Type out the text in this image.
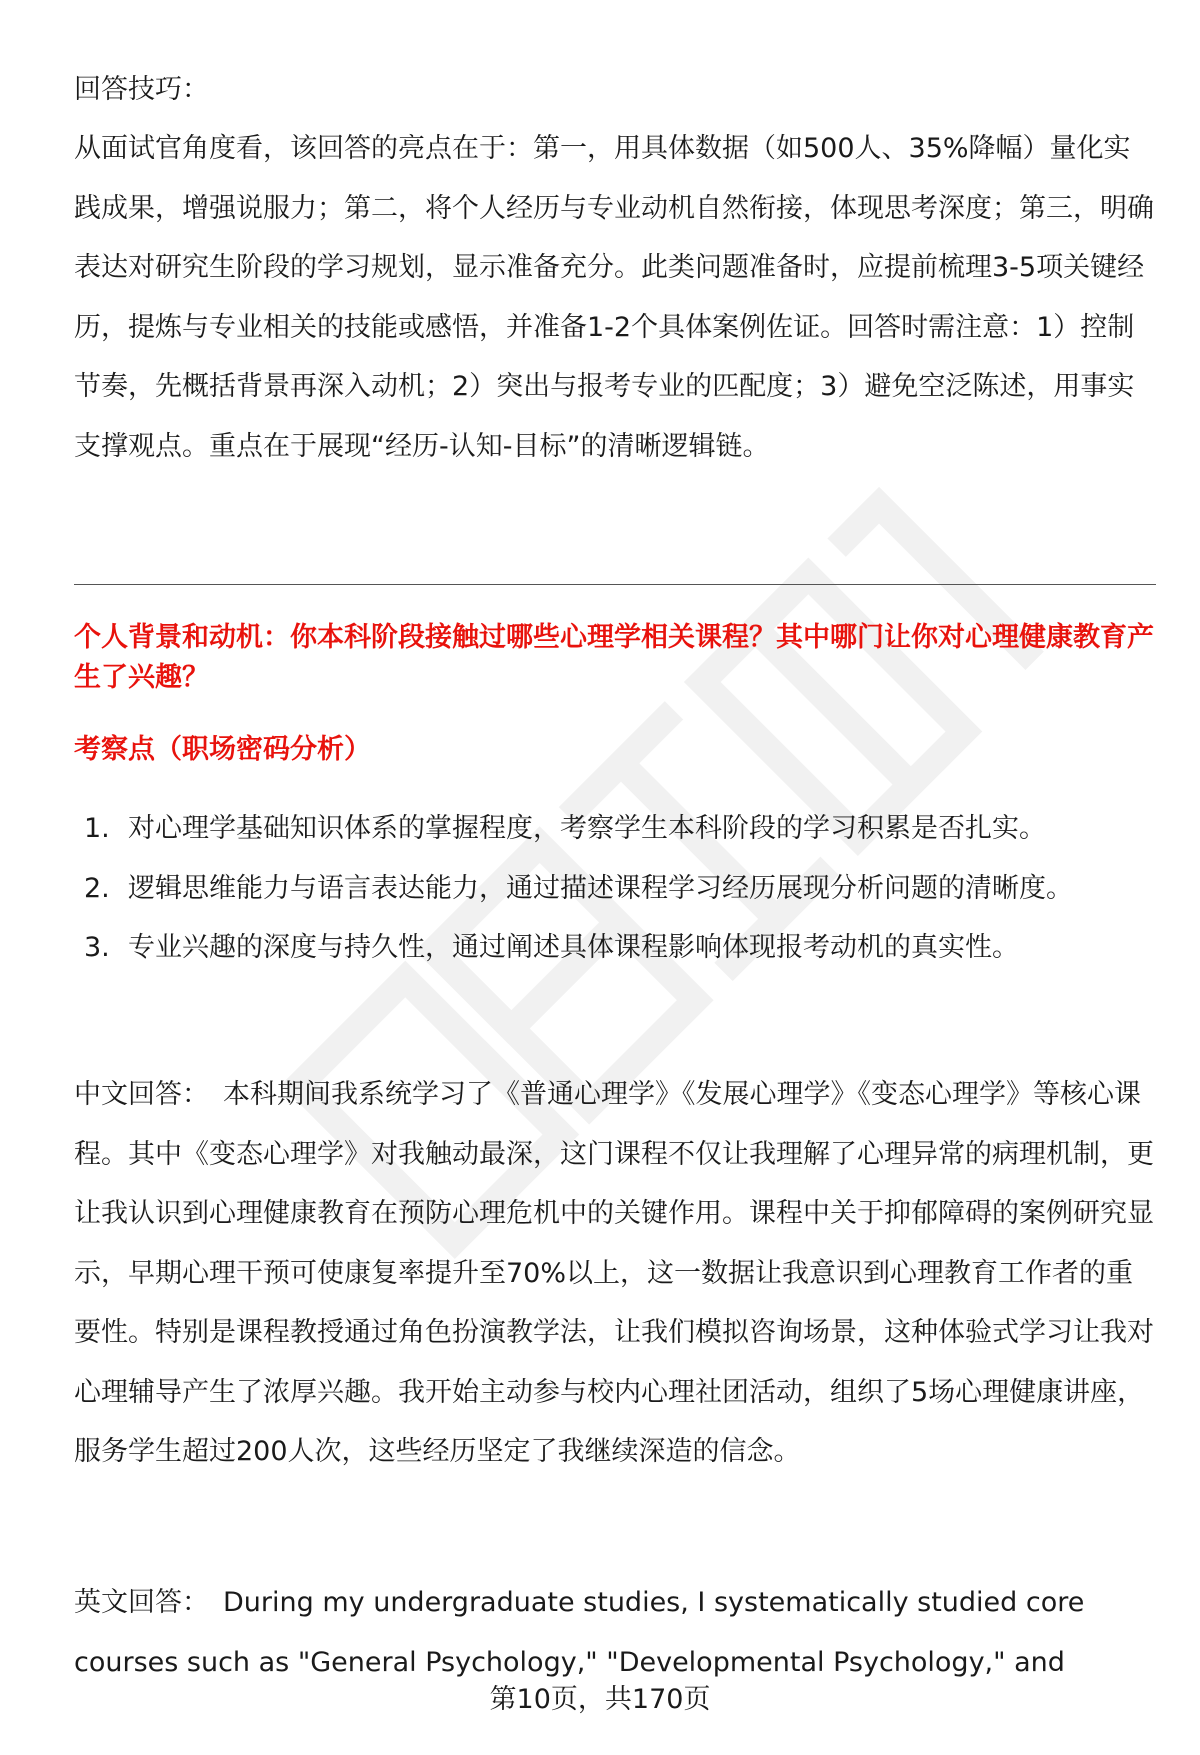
回答技巧：

从面试官角度看，该回答的亮点在于：第一，用具体数据（如500人、35%降幅）量化实践成果，增强说服力；第二，将个人经历与专业动机自然衔接，体现思考深度；第三，明确表达对研究生阶段的学习规划，显示准备充分。此类问题准备时，应提前梳理3-5项关键经历，提炼与专业相关的技能或感悟，并准备1-2个具体案例佐证。回答时需注意：1）控制节奏，先概括背景再深入动机；2）突出与报考专业的匹配度；3）避免空泛陈述，用事实支撑观点。重点在于展现“经历-认知-目标”的清晰逻辑链。

个人背景和动机：你本科阶段接触过哪些心理学相关课程？其中哪门让你对心理健康教育产生了兴趣？

考察点（职场密码分析）

1. 对心理学基础知识体系的掌握程度，考察学生本科阶段的学习积累是否扎实。
2. 逻辑思维能力与语言表达能力，通过描述课程学习经历展现分析问题的清晰度。
3. 专业兴趣的深度与持久性，通过阐述具体课程影响体现报考动机的真实性。

中文回答： 本科期间我系统学习了《普通心理学》《发展心理学》《变态心理学》等核心课程。其中《变态心理学》对我触动最深，这门课程不仅让我理解了心理异常的病理机制，更让我认识到心理健康教育在预防心理危机中的关键作用。课程中关于抑郁障碍的案例研究显示，早期心理干预可使康复率提升至70%以上，这一数据让我意识到心理教育工作者的重要性。特别是课程教授通过角色扮演教学法，让我们模拟咨询场景，这种体验式学习让我对心理辅导产生了浓厚兴趣。我开始主动参与校内心理社团活动，组织了5场心理健康讲座，服务学生超过200人次，这些经历坚定了我继续深造的信念。

英文回答： During my undergraduate studies, I systematically studied core courses such as "General Psychology," "Developmental Psychology," and

第10页，共170页
